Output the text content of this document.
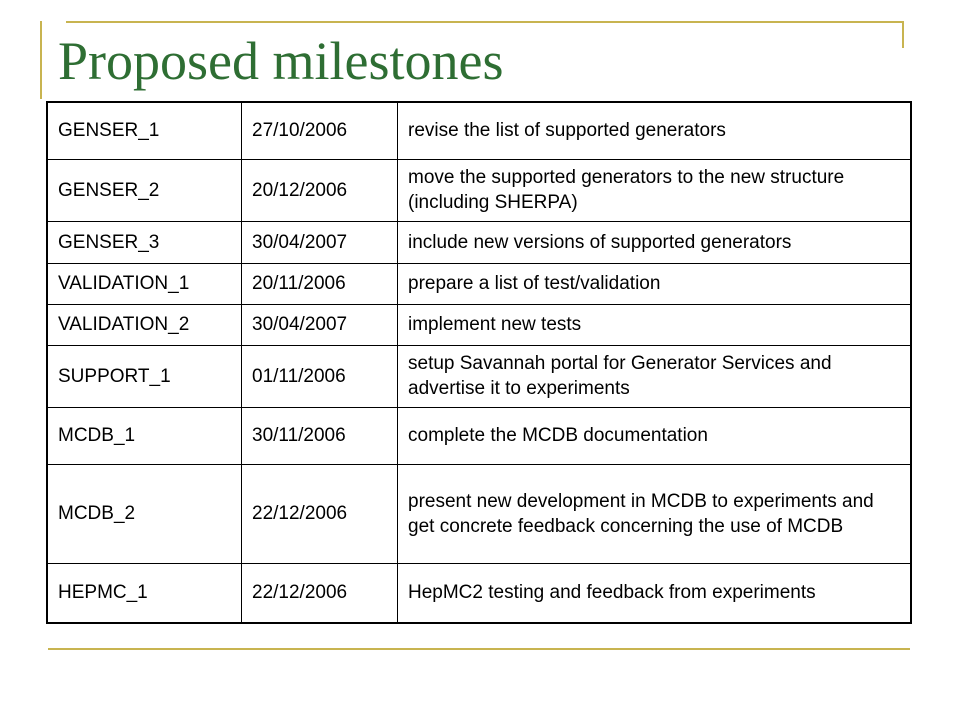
Proposed milestones
GENSER_1	27/10/2006	revise the list of supported generators
GENSER_2	20/12/2006	move the supported generators to the new structure (including SHERPA)
GENSER_3	30/04/2007	include new versions of supported generators
VALIDATION_1	20/11/2006	prepare a list of test/validation
VALIDATION_2	30/04/2007	implement new tests
SUPPORT_1	01/11/2006	setup Savannah portal for Generator Services and advertise it to experiments
MCDB_1	30/11/2006	complete the MCDB documentation
MCDB_2	22/12/2006	present new development in MCDB to experiments and get concrete feedback concerning the use of MCDB
HEPMC_1	22/12/2006	HepMC2 testing and feedback from experiments
